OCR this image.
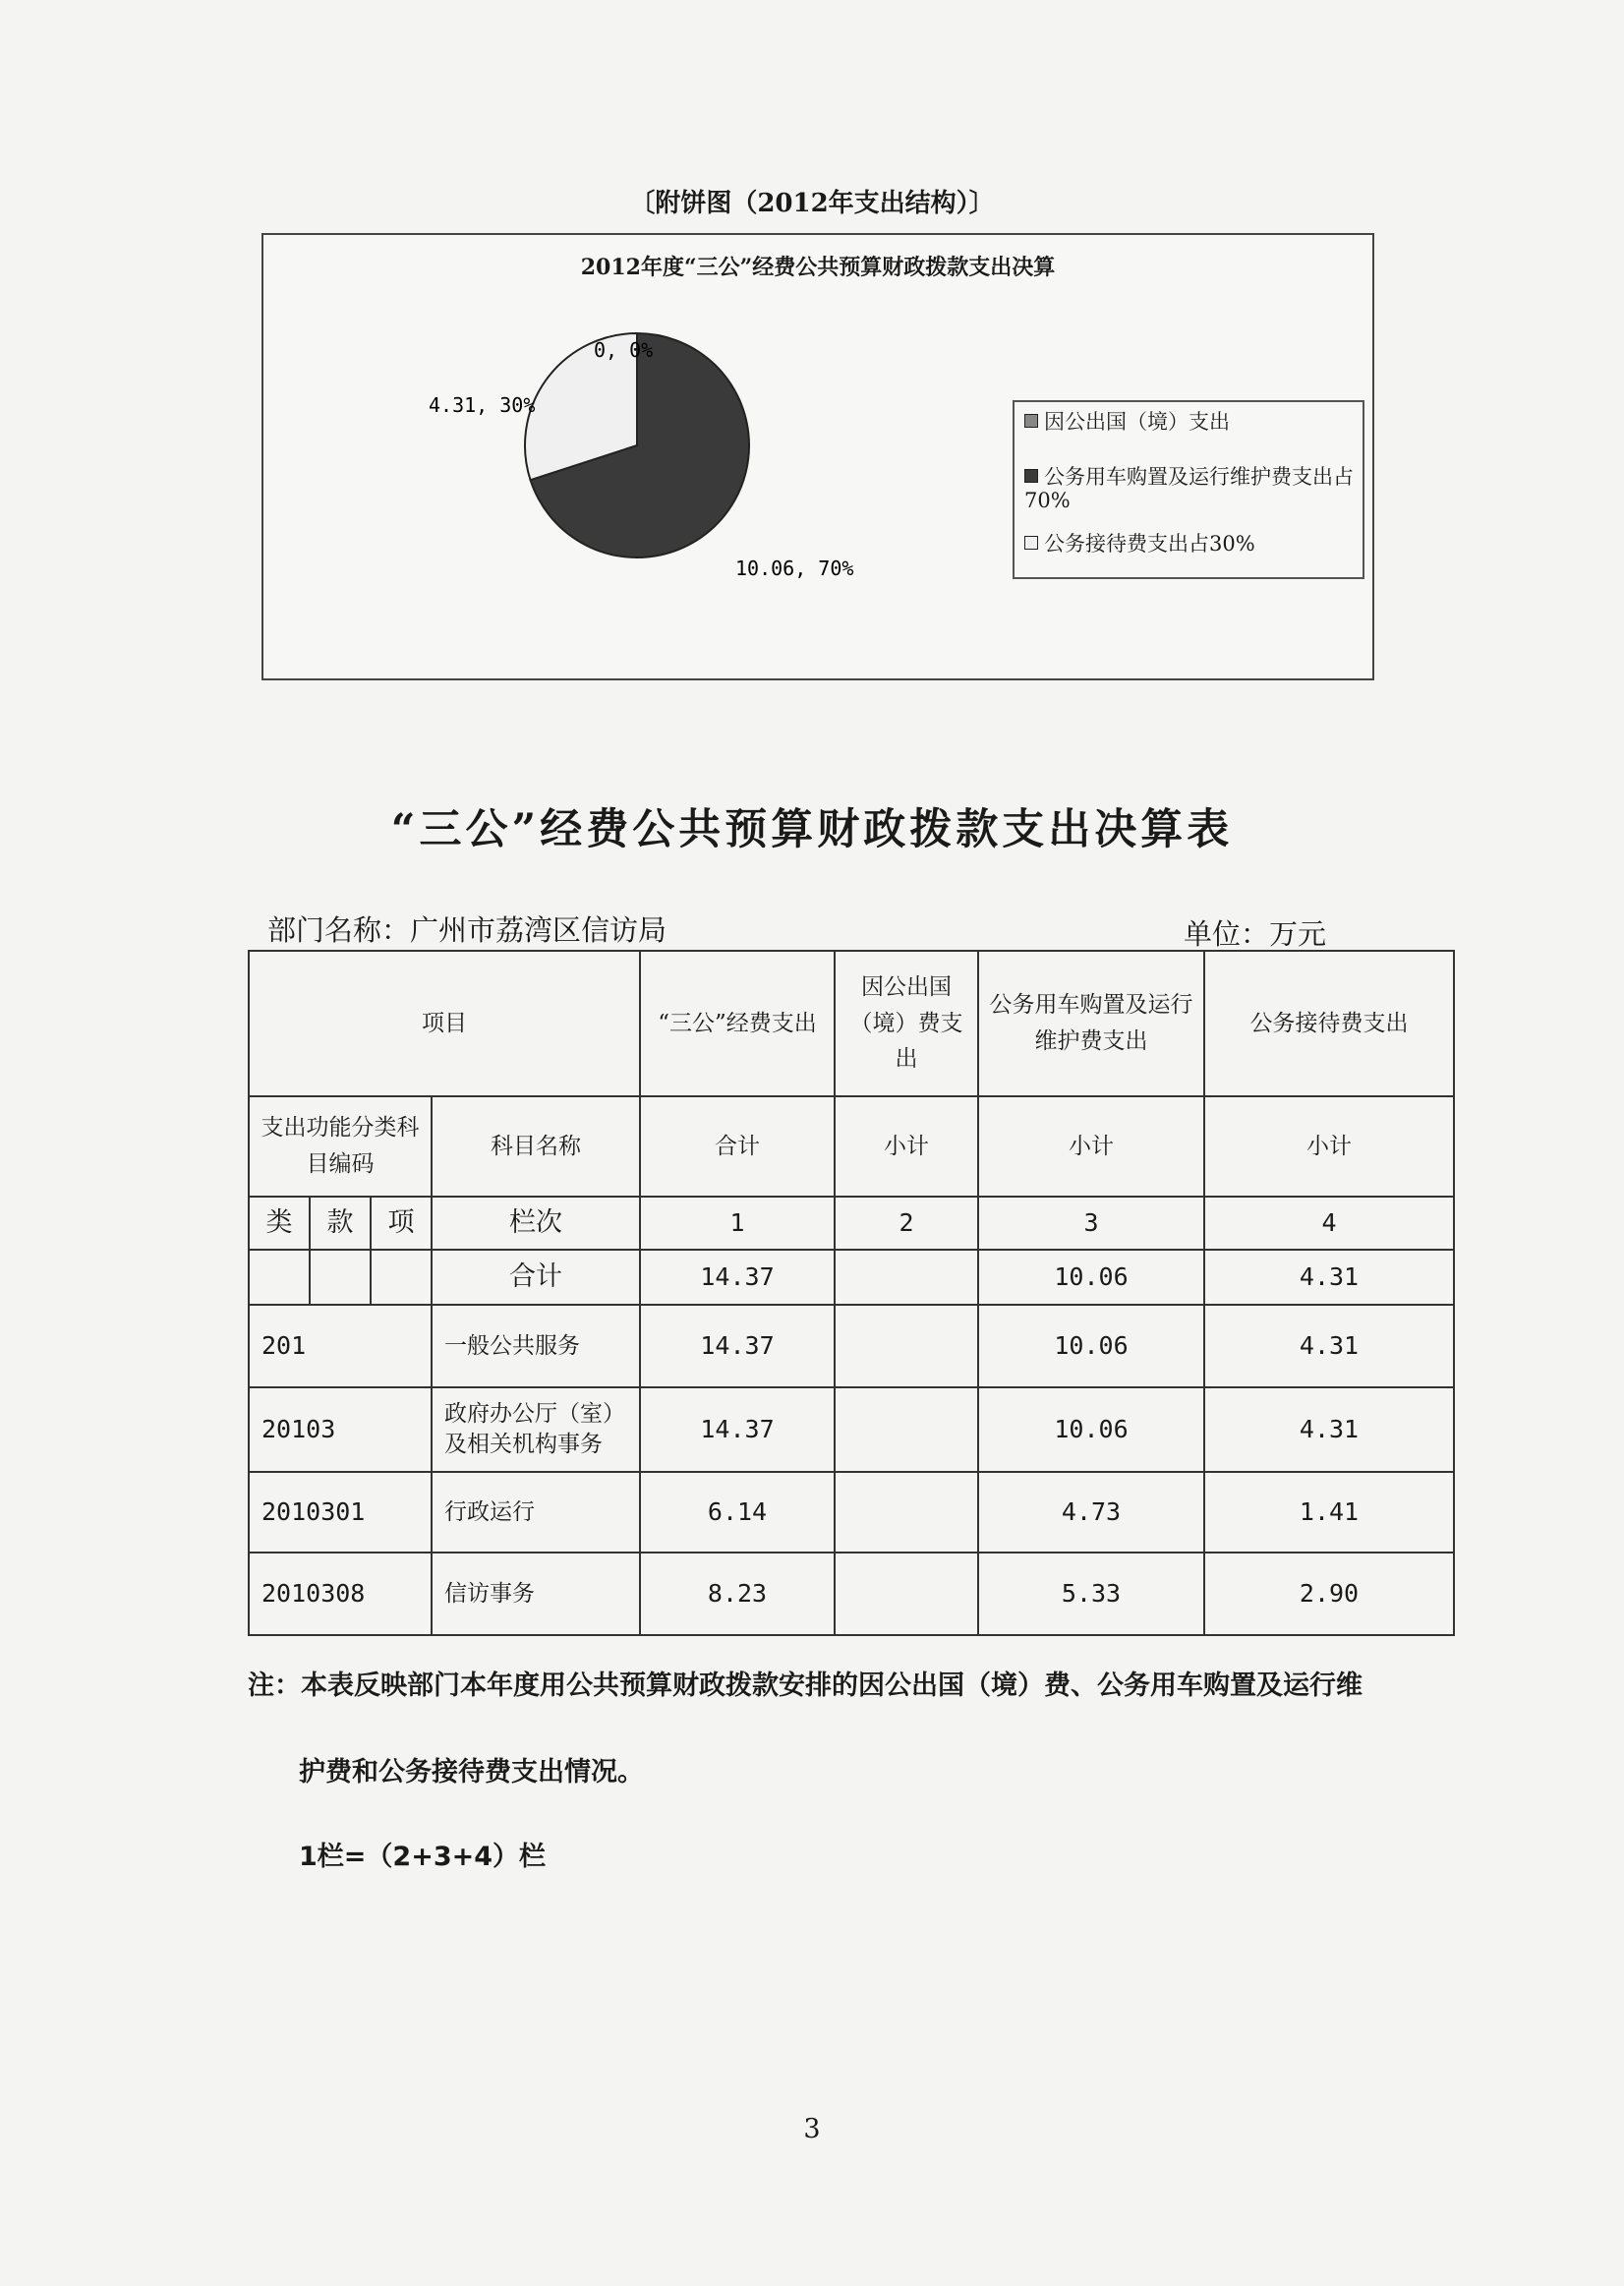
〔附饼图（2012年支出结构）〕
2012年度“三公”经费公共预算财政拨款支出决算
0, 0%
4.31, 30%
10.06, 70%
因公出国（境）支出
公务用车购置及运行维护费支出占70%
公务接待费支出占30%
“三公”经费公共预算财政拨款支出决算表
部门名称：广州市荔湾区信访局	单位：万元
项目				“三公”经费支出	因公出国（境）费支出	公务用车购置及运行维护费支出	公务接待费支出
支出功能分类科目编码			科目名称	合计	小计	小计	小计
类	款	项	栏次	1	2	3	4
			合计	14.37		10.06	4.31
201			一般公共服务	14.37		10.06	4.31
20103			政府办公厅（室）及相关机构事务	14.37		10.06	4.31
2010301			行政运行	6.14		4.73	1.41
2010308			信访事务	8.23		5.33	2.90
注：本表反映部门本年度用公共预算财政拨款安排的因公出国（境）费、公务用车购置及运行维
护费和公务接待费支出情况。
1栏=（2+3+4）栏
3
